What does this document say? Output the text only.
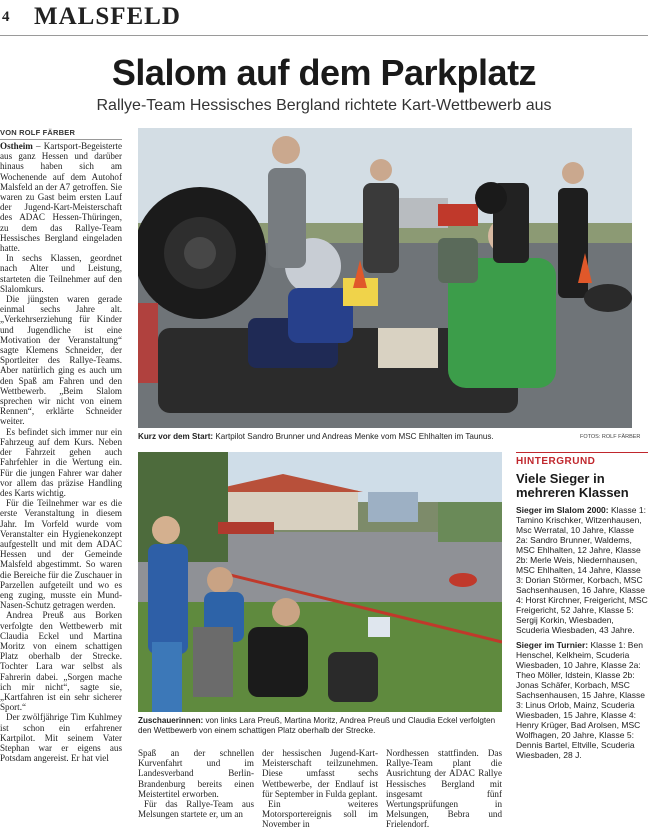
4 MALSFELD
Slalom auf dem Parkplatz
Rallye-Team Hessisches Bergland richtete Kart-Wettbewerb aus
VON ROLF FÄRBER

Ostheim – Kartsport-Begeisterte aus ganz Hessen und darüber hinaus haben sich am Wochenende auf dem Autohof Malsfeld an der A7 getroffen. Sie waren zu Gast beim ersten Lauf der Jugend-Kart-Meisterschaft des ADAC Hessen-Thüringen, zu dem das Rallye-Team Hessisches Bergland eingeladen hatte.

In sechs Klassen, geordnet nach Alter und Leistung, starteten die Teilnehmer auf den Slalomkurs.

Die jüngsten waren gerade einmal sechs Jahre alt. „Verkehrserziehung für Kinder und Jugendliche ist eine Motivation der Veranstaltung“ sagte Klemens Schneider, der Sportleiter des Rallye-Teams. Aber natürlich ging es auch um den Spaß am Fahren und den Wettbewerb. „Beim Slalom sprechen wir nicht von einem Rennen“, erklärte Schneider weiter.

Es befindet sich immer nur ein Fahrzeug auf dem Kurs. Neben der Fahrzeit gehen auch Fahrfehler in die Wertung ein. Für die jungen Fahrer war daher vor allem das präzise Handling des Karts wichtig.

Für die Teilnehmer war es die erste Veranstaltung in diesem Jahr. Im Vorfeld wurde vom Veranstalter ein Hygienekonzept aufgestellt und mit dem ADAC Hessen und der Gemeinde Malsfeld abgestimmt. So waren die Bereiche für die Zuschauer in Parzellen aufgeteilt und wo es eng zuging, musste ein Mund-Nasen-Schutz getragen werden.

Andrea Preuß aus Borken verfolgte den Wettbewerb mit Claudia Eckel und Martina Moritz von einem schattigen Platz oberhalb der Strecke. Tochter Lara war selbst als Fahrerin dabei. „Sorgen mache ich mir nicht“, sagte sie, „Kartfahren ist ein sehr sicherer Sport.“

Der zwölfjährige Tim Kuhlmey ist schon ein erfahrener Kartpilot. Mit seinem Vater Stephan war er eigens aus Potsdam angereist. Er hat viel

Kurz vor dem Start: Kartpilot Sandro Brunner und Andreas Menke vom MSC Ehlhalten im Taunus.	FOTOS: ROLF FÄRBER
Zuschauerinnen: von links Lara Preuß, Martina Moritz, Andrea Preuß und Claudia Eckel verfolgten den Wettbewerb von einem schattigen Platz oberhalb der Strecke.

Spaß an der schnellen Kurvenfahrt und im Landesverband Berlin-Brandenburg bereits einen Meistertitel erworben.

Für das Rallye-Team aus Melsungen startete er, um an

der hessischen Jugend-Kart-Meisterschaft teilzunehmen. Diese umfasst sechs Wettbewerbe, der Endlauf ist für September in Fulda geplant.

Ein weiteres Motorsportereignis soll im November in

Nordhessen stattfinden. Das Rallye-Team plant die Ausrichtung der ADAC Rallye Hessisches Bergland mit insgesamt fünf Wertungsprüfungen in Melsungen, Bebra und Frielendorf.

HINTERGRUND
Viele Sieger in mehreren Klassen
Sieger im Slalom 2000: Klasse 1: Tamino Krischker, Witzenhausen, Msc Werratal, 10 Jahre, Klasse 2a: Sandro Brunner, Waldems, MSC Ehlhalten, 12 Jahre, Klasse 2b: Merle Weis, Niedernhausen, MSC Ehlhalten, 14 Jahre, Klasse 3: Dorian Störmer, Korbach, MSC Sachsenhausen, 16 Jahre, Klasse 4: Horst Kirchner, Freigericht, MSC Freigericht, 52 Jahre, Klasse 5: Sergij Korkin, Wiesbaden, Scuderia Wiesbaden, 43 Jahre.
Sieger im Turnier: Klasse 1: Ben Henschel, Kelkheim, Scuderia Wiesbaden, 10 Jahre, Klasse 2a: Theo Möller, Idstein, Klasse 2b: Jonas Schäfer, Korbach, MSC Sachsenhausen, 15 Jahre, Klasse 3: Linus Orlob, Mainz, Scuderia Wiesbaden, 15 Jahre, Klasse 4: Henry Krüger, Bad Arolsen, MSC Wolfhagen, 20 Jahre, Klasse 5: Dennis Bartel, Eltville, Scuderia Wiesbaden, 28 J.
